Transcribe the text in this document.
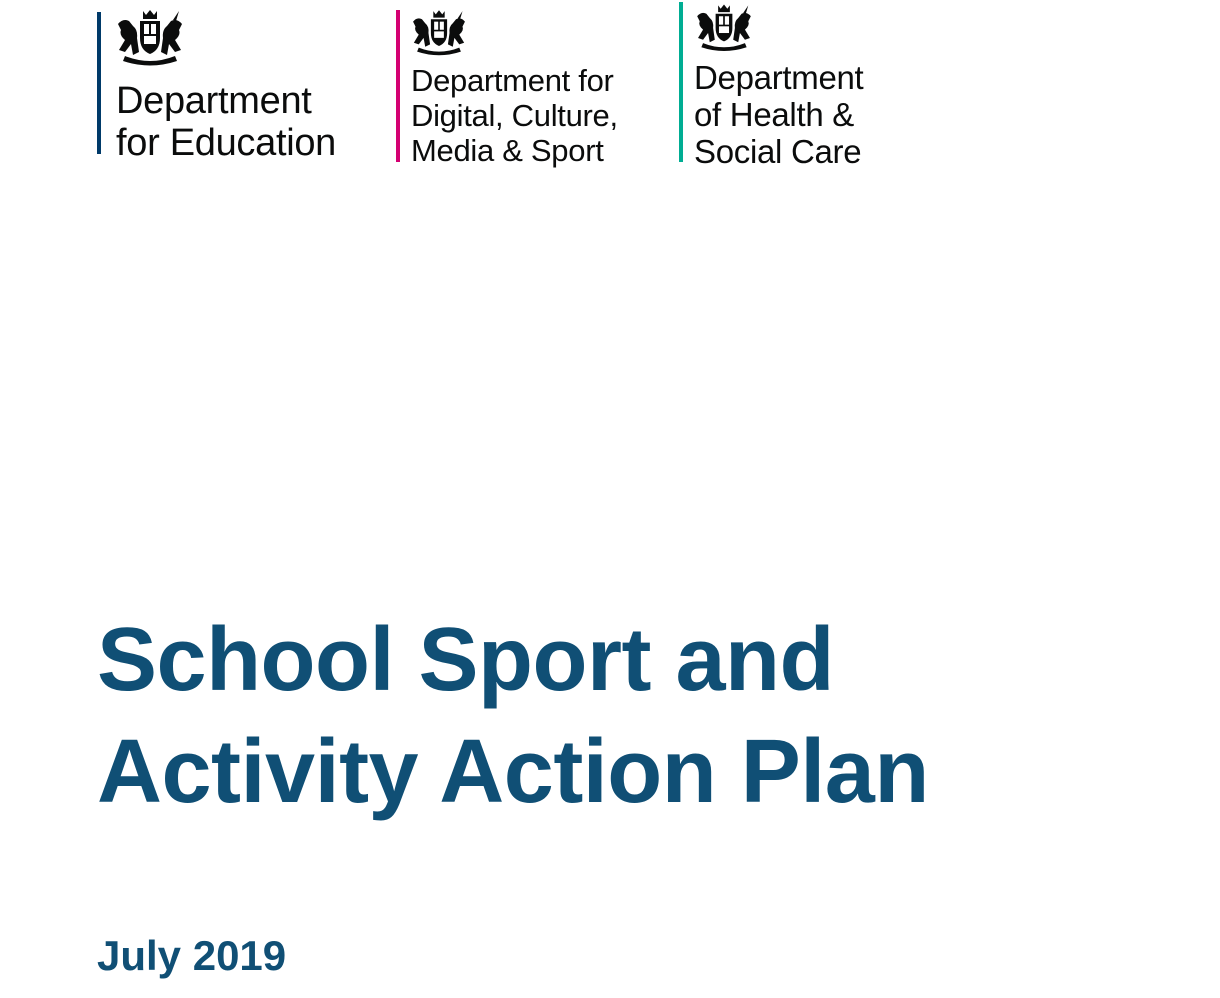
Department
for Education
Department for
Digital, Culture,
Media & Sport
Department
of Health &
Social Care
School Sport and
Activity Action Plan

July 2019
